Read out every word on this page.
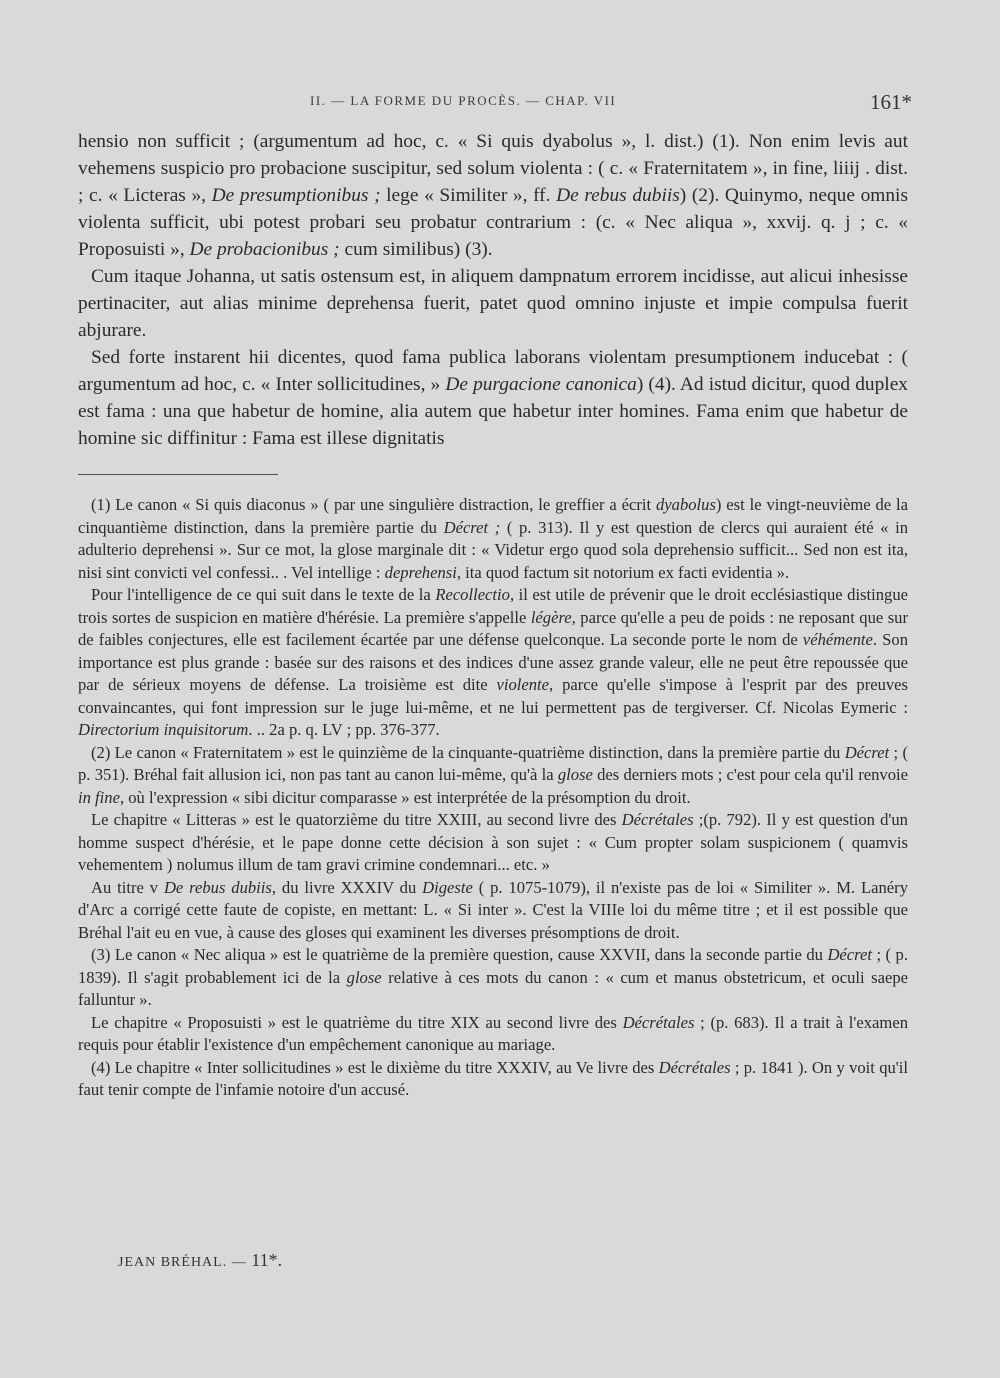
II. — LA FORME DU PROCÈS. — CHAP. VII	161*

hensio non sufficit ; (argumentum ad hoc, c. « Si quis dyabolus », l. dist.) (1). Non enim levis aut vehemens suspicio pro probacione suscipitur, sed solum violenta : ( c. « Fraternitatem », in fine, liiij . dist. ; c. « Licteras », De presumptionibus ; lege « Similiter », ff. De rebus dubiis) (2). Quinymo, neque omnis violenta sufficit, ubi potest probari seu probatur contrarium : (c. « Nec aliqua », xxvij. q. j ; c. « Proposuisti », De probacionibus ; cum similibus) (3).

Cum itaque Johanna, ut satis ostensum est, in aliquem dampnatum errorem incidisse, aut alicui inhesisse pertinaciter, aut alias minime deprehensa fuerit, patet quod omnino injuste et impie compulsa fuerit abjurare.

Sed forte instarent hii dicentes, quod fama publica laborans violentam presumptionem inducebat : ( argumentum ad hoc, c. « Inter sollicitudines, » De purgacione canonica) (4). Ad istud dicitur, quod duplex est fama : una que habetur de homine, alia autem que habetur inter homines. Fama enim que habetur de homine sic diffinitur : Fama est illese dignitatis

(1) Le canon « Si quis diaconus » ( par une singulière distraction, le greffier a écrit dyabolus) est le vingt-neuvième de la cinquantième distinction, dans la première partie du Décret ; ( p. 313). Il y est question de clercs qui auraient été « in adulterio deprehensi ». Sur ce mot, la glose marginale dit : « Videtur ergo quod sola deprehensio sufficit... Sed non est ita, nisi sint convicti vel confessi.. . Vel intellige : deprehensi, ita quod factum sit notorium ex facti evidentia ».

Pour l'intelligence de ce qui suit dans le texte de la Recollectio, il est utile de prévenir que le droit ecclésiastique distingue trois sortes de suspicion en matière d'hérésie. La première s'appelle légère, parce qu'elle a peu de poids : ne reposant que sur de faibles conjectures, elle est facilement écartée par une défense quelconque. La seconde porte le nom de véhémente. Son importance est plus grande : basée sur des raisons et des indices d'une assez grande valeur, elle ne peut être repoussée que par de sérieux moyens de défense. La troisième est dite violente, parce qu'elle s'impose à l'esprit par des preuves convaincantes, qui font impression sur le juge lui-même, et ne lui permettent pas de tergiverser. Cf. Nicolas Eymeric : Directorium inquisitorum. .. 2a p. q. LV ; pp. 376-377.

(2) Le canon « Fraternitatem » est le quinzième de la cinquante-quatrième distinction, dans la première partie du Décret ; ( p. 351). Bréhal fait allusion ici, non pas tant au canon lui-même, qu'à la glose des derniers mots ; c'est pour cela qu'il renvoie in fine, où l'expression « sibi dicitur comparasse » est interprétée de la présomption du droit.

Le chapitre « Litteras » est le quatorzième du titre XXIII, au second livre des Décrétales ;(p. 792). Il y est question d'un homme suspect d'hérésie, et le pape donne cette décision à son sujet : « Cum propter solam suspicionem ( quamvis vehementem ) nolumus illum de tam gravi crimine condemnari... etc. »

Au titre v De rebus dubiis, du livre XXXIV du Digeste ( p. 1075-1079), il n'existe pas de loi « Similiter ». M. Lanéry d'Arc a corrigé cette faute de copiste, en mettant: L. « Si inter ». C'est la VIIIe loi du même titre ; et il est possible que Bréhal l'ait eu en vue, à cause des gloses qui examinent les diverses présomptions de droit.

(3) Le canon « Nec aliqua » est le quatrième de la première question, cause XXVII, dans la seconde partie du Décret ; ( p. 1839). Il s'agit probablement ici de la glose relative à ces mots du canon : « cum et manus obstetricum, et oculi saepe falluntur ».

Le chapitre « Proposuisti » est le quatrième du titre XIX au second livre des Décrétales ; (p. 683). Il a trait à l'examen requis pour établir l'existence d'un empêchement canonique au mariage.

(4) Le chapitre « Inter sollicitudines » est le dixième du titre XXXIV, au Ve livre des Décrétales ; p. 1841 ). On y voit qu'il faut tenir compte de l'infamie notoire d'un accusé.

JEAN BRÉHAL. — 11*.
